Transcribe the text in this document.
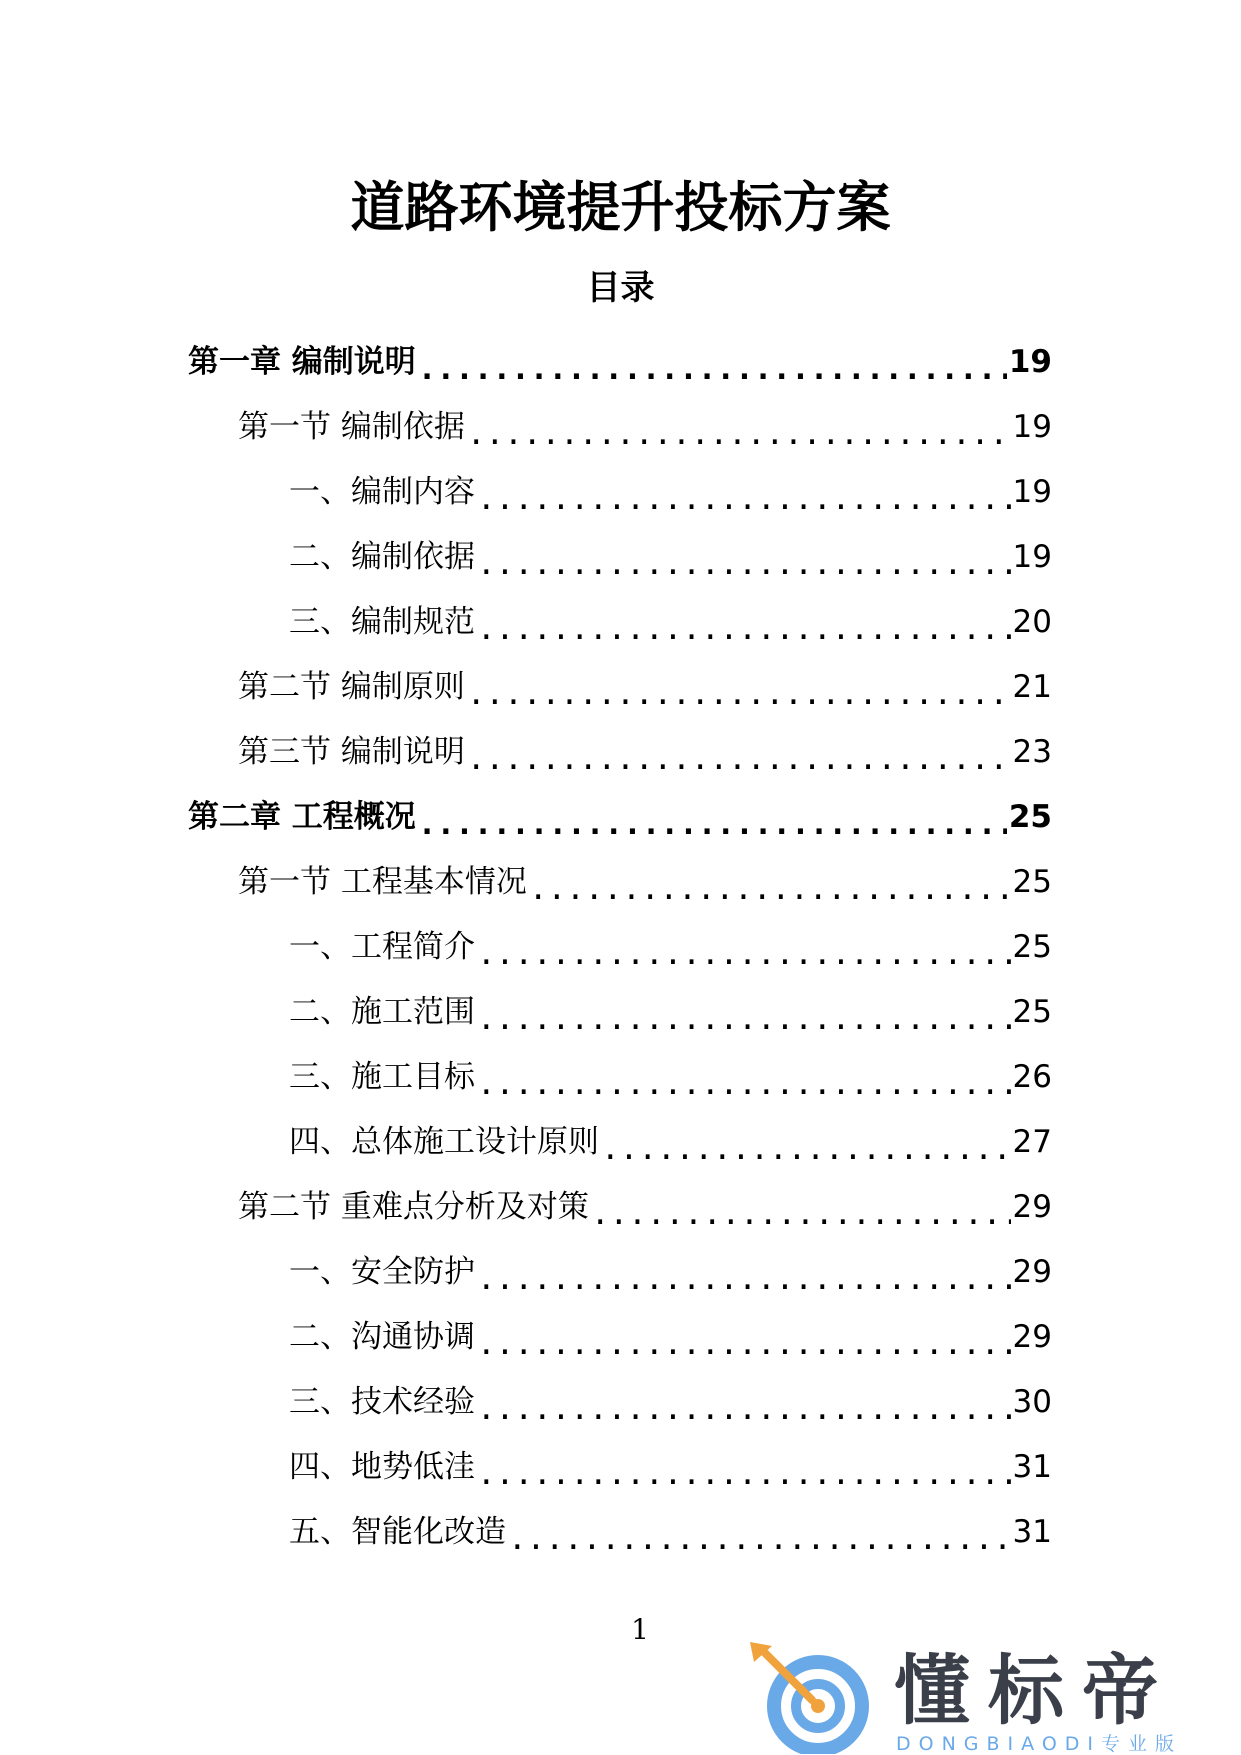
道路环境提升投标方案
目录
第一章 编制说明 .....	19
第一节 编制依据 .....	19
一、编制内容 .....	19
二、编制依据 .....	19
三、编制规范 .....	20
第二节 编制原则 .....	21
第三节 编制说明 .....	23
第二章 工程概况 .....	25
第一节 工程基本情况 .....	25
一、工程简介 .....	25
二、施工范围 .....	25
三、施工目标 .....	26
四、总体施工设计原则 .....	27
第二节 重难点分析及对策 .....	29
一、安全防护 .....	29
二、沟通协调 .....	29
三、技术经验 .....	30
四、地势低洼 .....	31
五、智能化改造 .....	31
1
懂标帝
DONGBIAODI专业版
